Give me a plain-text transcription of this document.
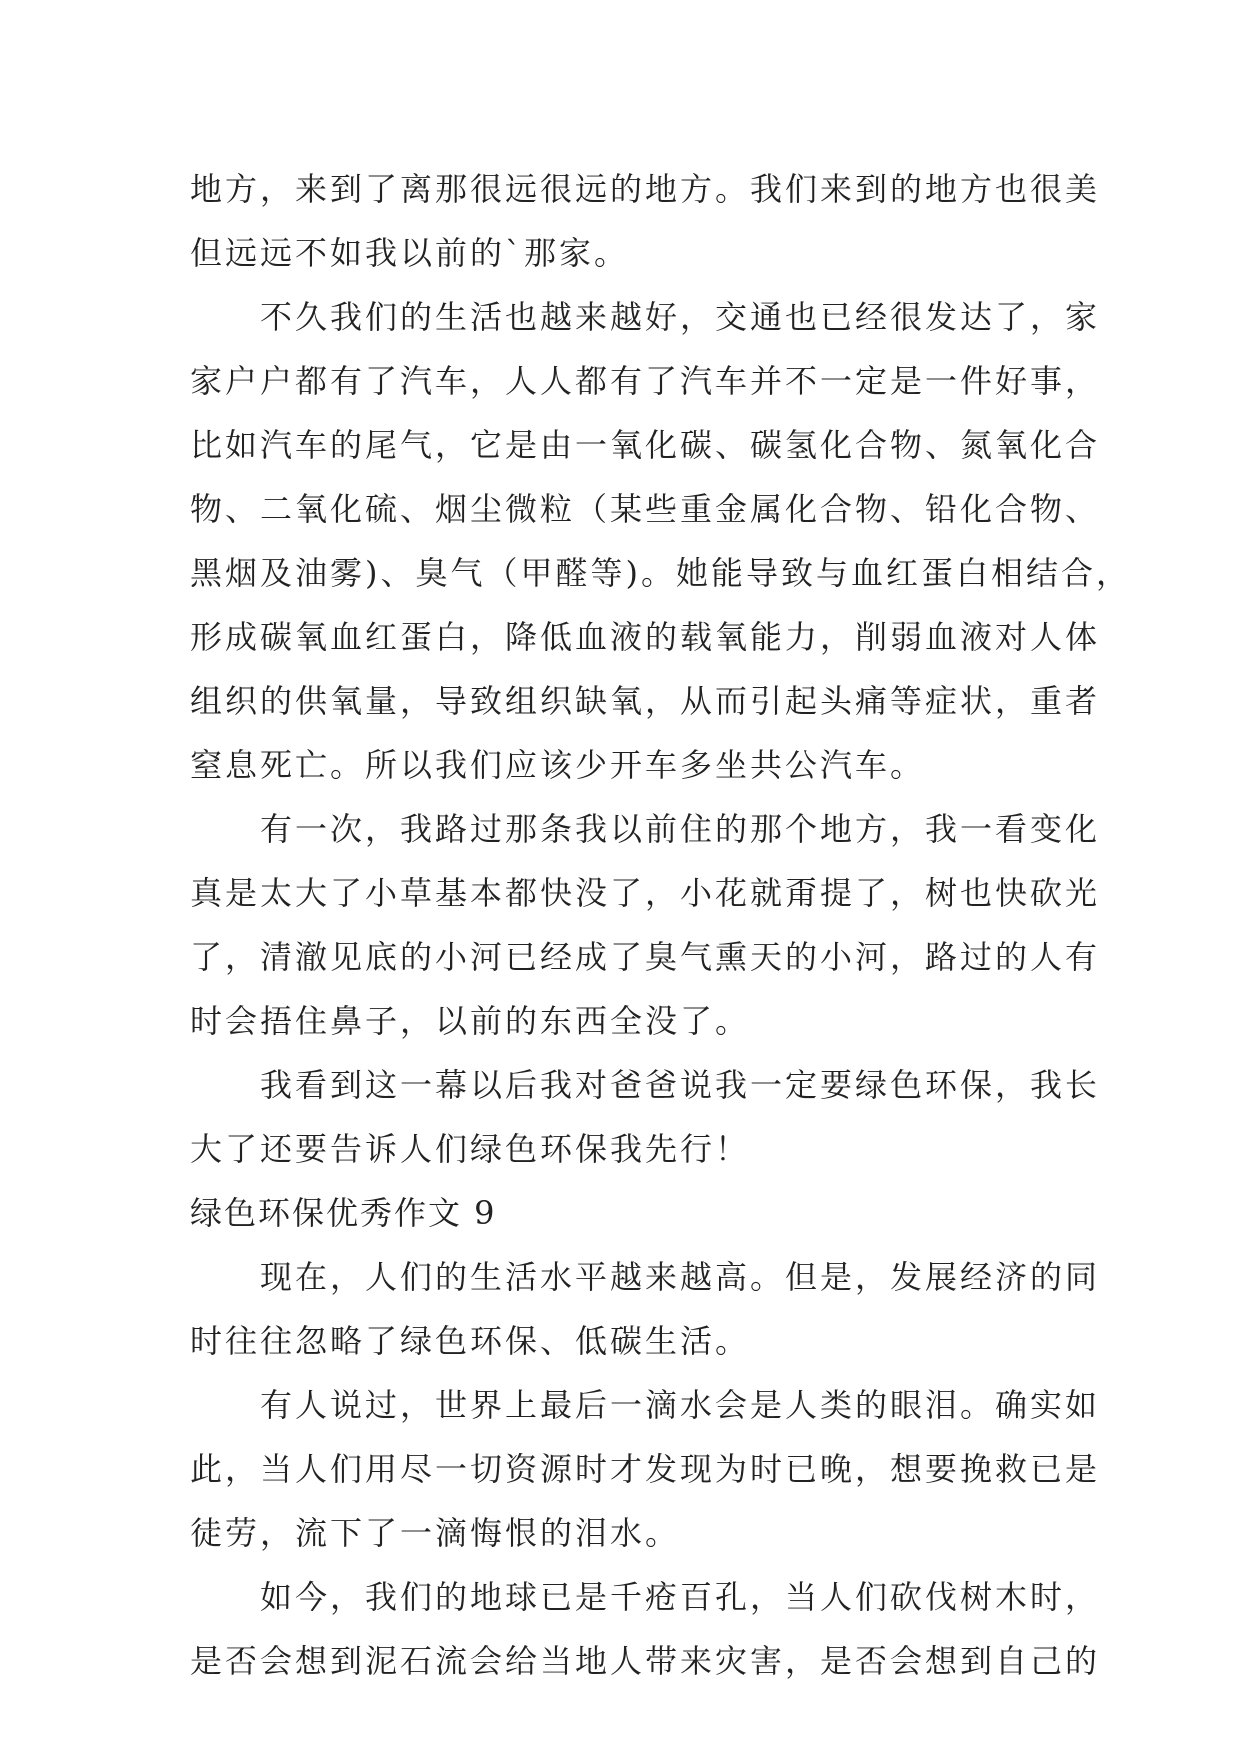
地方，来到了离那很远很远的地方。我们来到的地方也很美
但远远不如我以前的`那家。
　　不久我们的生活也越来越好，交通也已经很发达了，家
家户户都有了汽车，人人都有了汽车并不一定是一件好事，
比如汽车的尾气，它是由一氧化碳、碳氢化合物、氮氧化合
物、二氧化硫、烟尘微粒（某些重金属化合物、铅化合物、
黑烟及油雾)、臭气（甲醛等)。她能导致与血红蛋白相结合，
形成碳氧血红蛋白，降低血液的载氧能力，削弱血液对人体
组织的供氧量，导致组织缺氧，从而引起头痛等症状，重者
窒息死亡。所以我们应该少开车多坐共公汽车。
　　有一次，我路过那条我以前住的那个地方，我一看变化
真是太大了小草基本都快没了，小花就甭提了，树也快砍光
了，清澈见底的小河已经成了臭气熏天的小河，路过的人有
时会捂住鼻子，以前的东西全没了。
　　我看到这一幕以后我对爸爸说我一定要绿色环保，我长
大了还要告诉人们绿色环保我先行！
绿色环保优秀作文 9
　　现在，人们的生活水平越来越高。但是，发展经济的同
时往往忽略了绿色环保、低碳生活。
　　有人说过，世界上最后一滴水会是人类的眼泪。确实如
此，当人们用尽一切资源时才发现为时已晚，想要挽救已是
徒劳，流下了一滴悔恨的泪水。
　　如今，我们的地球已是千疮百孔，当人们砍伐树木时，
是否会想到泥石流会给当地人带来灾害，是否会想到自己的
